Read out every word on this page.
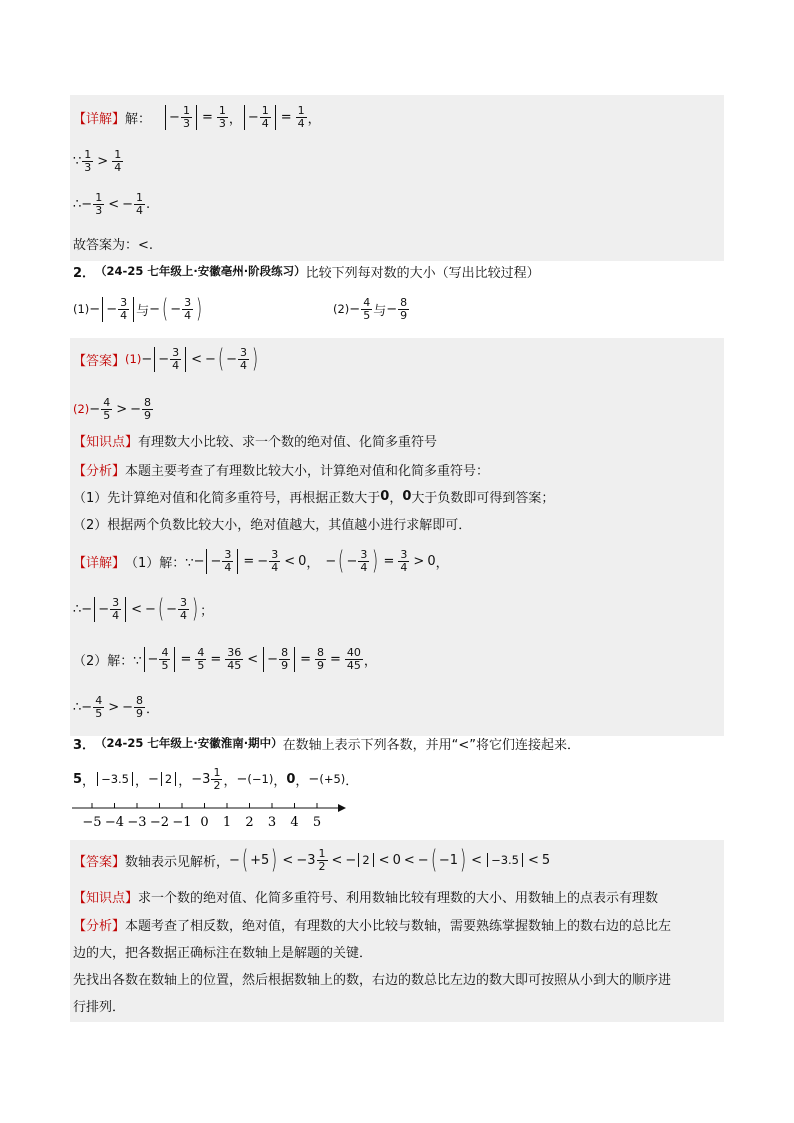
【详解】 解： − $\frac{1}{3} = \frac{1}{3}$ ， − $\frac{1}{4} = \frac{1}{4}$ ，
∵ $\frac{1}{3} > \frac{1}{4}$
∴ − $\frac{1}{3}$ < − $\frac{1}{4}$ .
故答案为：<.
2． （24-25 七年级上·安徽亳州·阶段练习） 比较下列每对数的大小（写出比较过程）
(1) − − $\frac{3}{4}$ 与 − ( − $\frac{3}{4}$ )	$(2) - \frac{4}{5}$ 与 − $\frac{8}{9}$
【答案】 (1) − − $\frac{3}{4}$ < − ( − $\frac{3}{4}$ )
$(2) - \frac{4}{5}$ > − $\frac{8}{9}$
【知识点】 有理数大小比较、求一个数的绝对值、化简多重符号
【分析】 本题主要考查了有理数比较大小，计算绝对值和化简多重符号：
（1）先计算绝对值和化简多重符号，再根据正数大于 0 ， 0 大于负数即可得到答案；
（2）根据两个负数比较大小，绝对值越大，其值越小进行求解即可．
【详解】 （1）解：∵ − − $\frac{3}{4}$ = − $\frac{3}{4} < 0$ ， − ( − $\frac{3}{4}$ ) = $\frac{3}{4} > 0$ ，
∴ − − $\frac{3}{4}$ < − ( − $\frac{3}{4}$ ) ；
（2）解：∵ − $\frac{4}{5} = \frac{4}{5} = \frac{36}{45}$ < − $\frac{8}{9} = \frac{8}{9} = \frac{40}{45}$ ，
∴ − $\frac{4}{5}$ > − $\frac{8}{9}$ ．
3． （24-25 七年级上·安徽淮南·期中） 在数轴上表示下列各数，并用“<”将它们连接起来．
5 ， − 3.5 ， − 2 ， − $3 \frac{1}{2}$ ， − ( − 1 ) ， 0 ， − ( +5 ) ．
−5 −4 −3 −2 −1 0 1 2 3 4 5
【答案】 数轴表示见解析， − ( +5 ) < − $3 \frac{1}{2}$ < − 2 < 0 < − ( − 1 ) < − 3.5 < 5
【知识点】 求一个数的绝对值、化简多重符号、利用数轴比较有理数的大小、用数轴上的点表示有理数
【分析】 本题考查了相反数，绝对值，有理数的大小比较与数轴，需要熟练掌握数轴上的数右边的总比左
边的大，把各数据正确标注在数轴上是解题的关键．
先找出各数在数轴上的位置，然后根据数轴上的数，右边的数总比左边的数大即可按照从小到大的顺序进
行排列．
